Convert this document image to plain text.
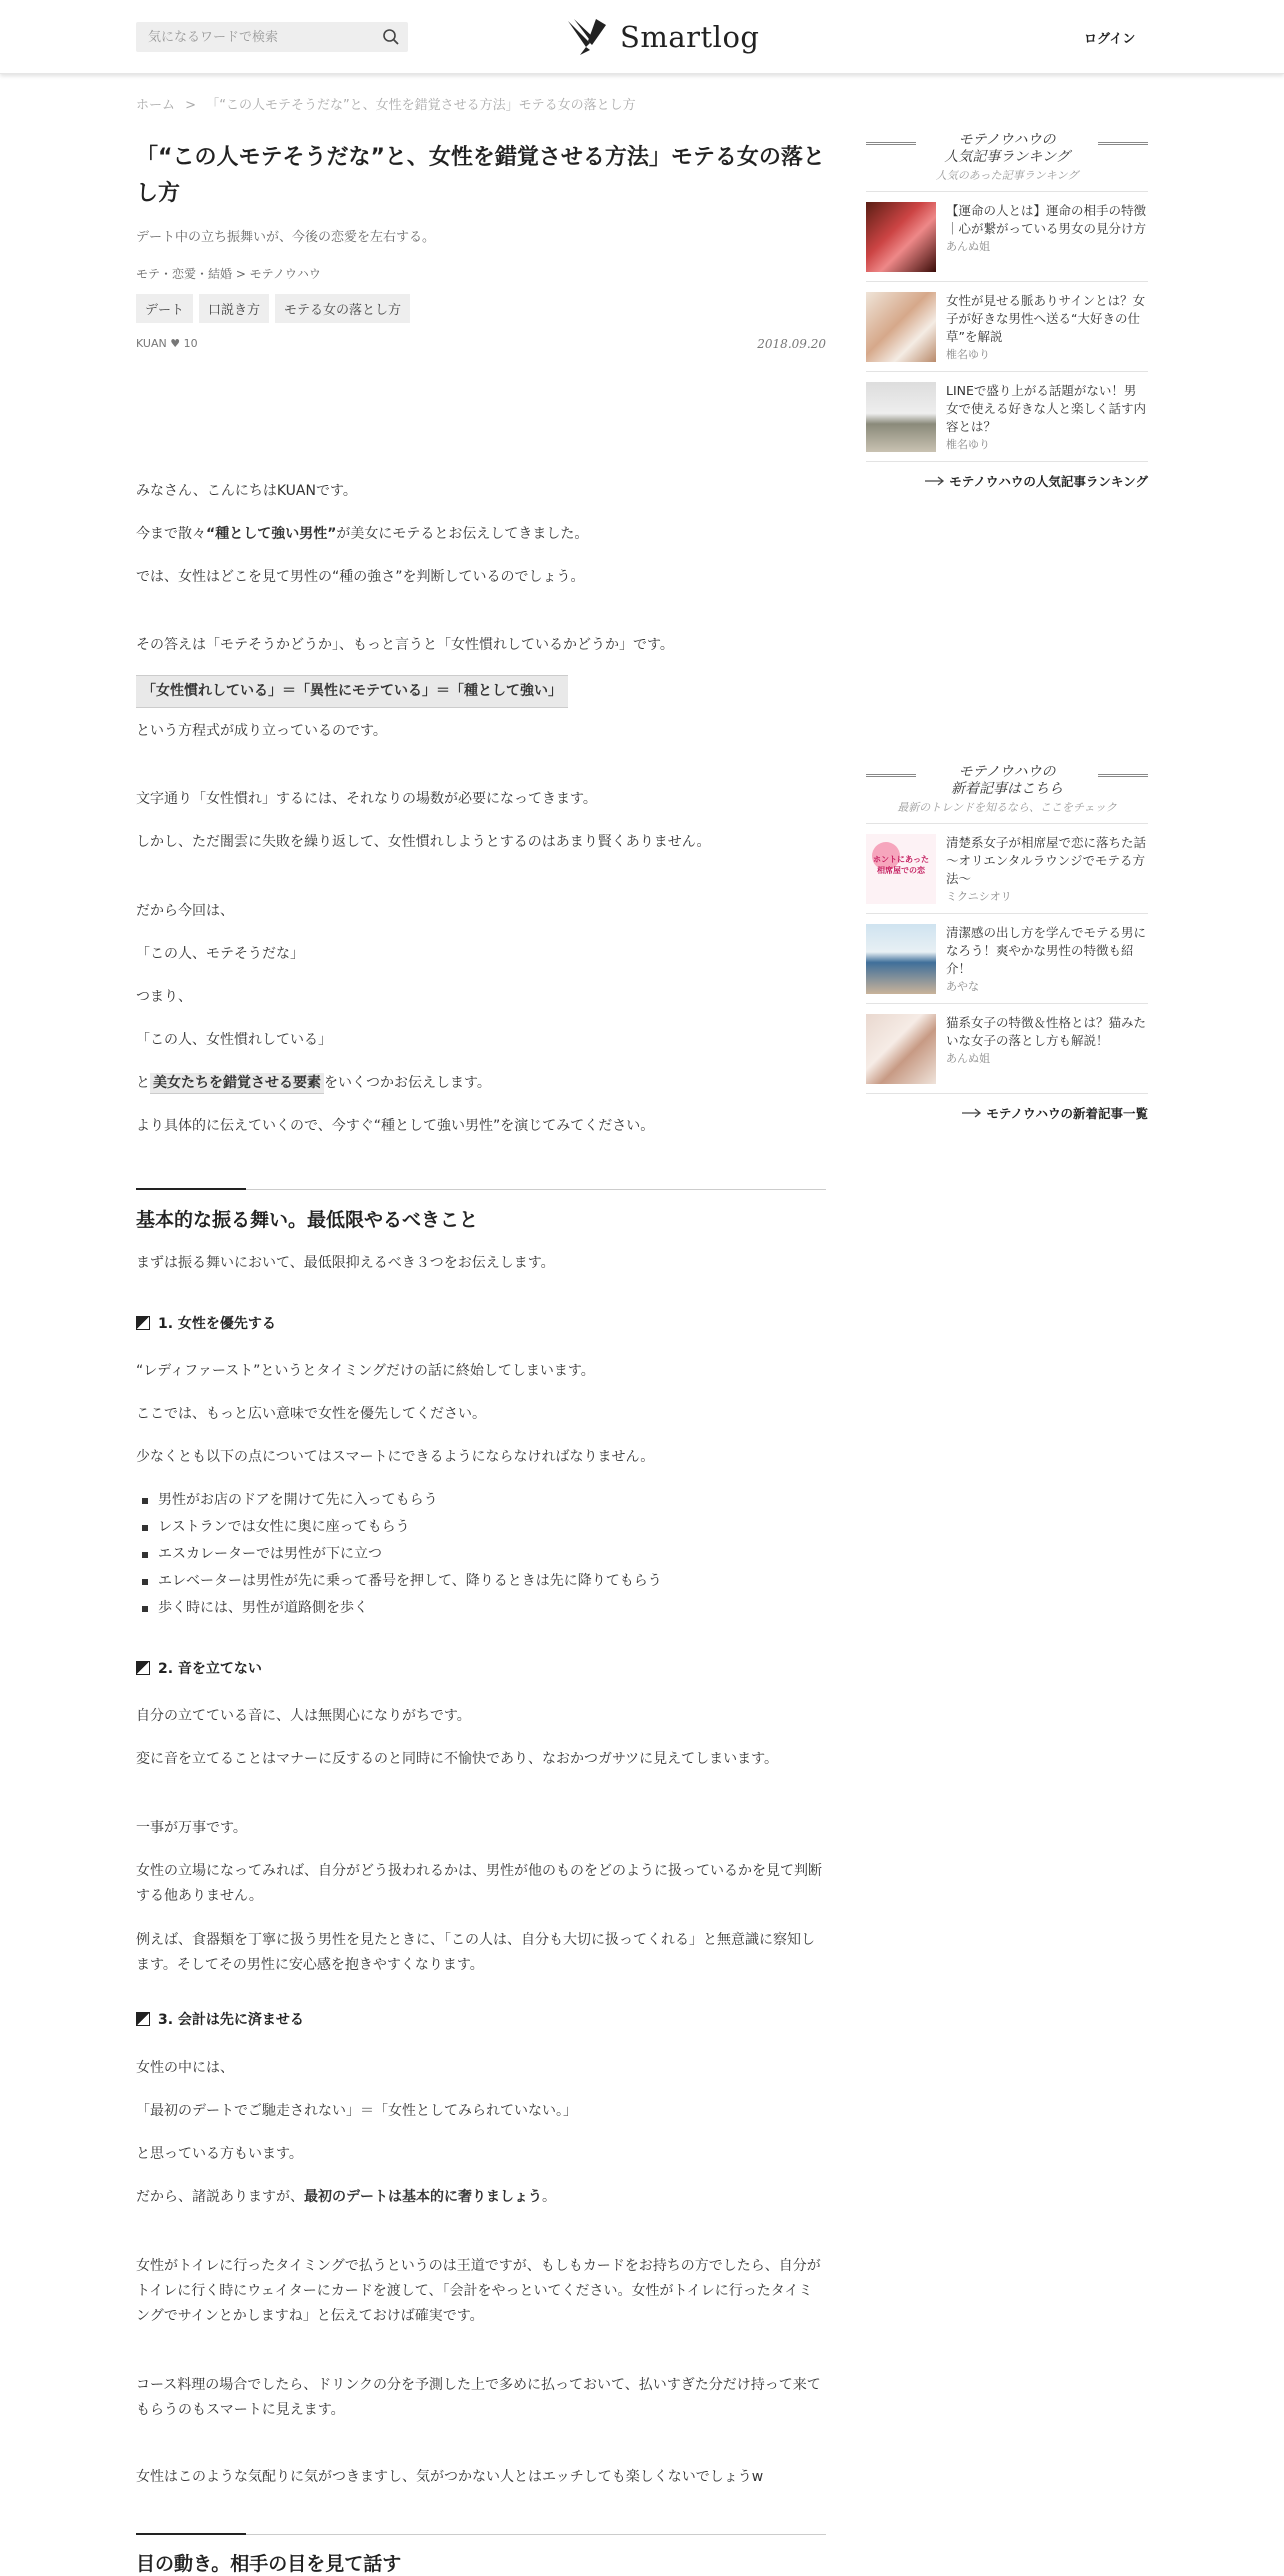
気になるワードで検索
Smartlog	ログイン
ホーム > 「“この人モテそうだな”と、女性を錯覚させる方法」モテる女の落とし方
「“この人モテそうだな”と、女性を錯覚させる方法」モテる女の落とし方
デート中の立ち振舞いが、今後の恋愛を左右する。
モテ・恋愛・結婚 > モテノウハウ
デート	口説き方	モテる女の落とし方
KUAN ♥ 10	2018.09.20

みなさん、こんにちはKUANです。

今まで散々“種として強い男性”が美女にモテるとお伝えしてきました。

では、女性はどこを見て男性の“種の強さ”を判断しているのでしょう。

その答えは「モテそうかどうか」、もっと言うと「女性慣れしているかどうか」です。

「女性慣れしている」＝「異性にモテている」＝「種として強い」

という方程式が成り立っているのです。

文字通り「女性慣れ」するには、それなりの場数が必要になってきます。

しかし、ただ闇雲に失敗を繰り返して、女性慣れしようとするのはあまり賢くありません。

だから今回は、

「この人、モテそうだな」

つまり、

「この人、女性慣れしている」

と 美女たちを錯覚させる要素 をいくつかお伝えします。

より具体的に伝えていくので、今すぐ“種として強い男性”を演じてみてください。

基本的な振る舞い。最低限やるべきこと

まずは振る舞いにおいて、最低限抑えるべき３つをお伝えします。

1. 女性を優先する

“レディファースト”というとタイミングだけの話に終始してしまいます。

ここでは、もっと広い意味で女性を優先してください。

少なくとも以下の点についてはスマートにできるようにならなければなりません。

男性がお店のドアを開けて先に入ってもらう
レストランでは女性に奥に座ってもらう
エスカレーターでは男性が下に立つ
エレベーターは男性が先に乗って番号を押して、降りるときは先に降りてもらう
歩く時には、男性が道路側を歩く
2. 音を立てない

自分の立てている音に、人は無関心になりがちです。

変に音を立てることはマナーに反するのと同時に不愉快であり、なおかつガサツに見えてしまいます。

一事が万事です。

女性の立場になってみれば、自分がどう扱われるかは、男性が他のものをどのように扱っているかを見て判断する他ありません。

例えば、食器類を丁寧に扱う男性を見たときに、「この人は、自分も大切に扱ってくれる」と無意識に察知します。そしてその男性に安心感を抱きやすくなります。

3. 会計は先に済ませる

女性の中には、

「最初のデートでご馳走されない」＝「女性としてみられていない。」

と思っている方もいます。

だから、諸説ありますが、最初のデートは基本的に奢りましょう。

女性がトイレに行ったタイミングで払うというのは王道ですが、もしもカードをお持ちの方でしたら、自分がトイレに行く時にウェイターにカードを渡して、「会計をやっといてください。女性がトイレに行ったタイミングでサインとかしますね」と伝えておけば確実です。

コース料理の場合でしたら、ドリンクの分を予測した上で多めに払っておいて、払いすぎた分だけ持って来てもらうのもスマートに見えます。

女性はこのような気配りに気がつきますし、気がつかない人とはエッチしても楽しくないでしょうw

目の動き。相手の目を見て話す
モテノウハウの
人気記事ランキング
人気のあった記事ランキング
【運命の人とは】運命の相手の特徴｜心が繋がっている男女の見分け方
あんぬ姐
女性が見せる脈ありサインとは？女子が好きな男性へ送る“大好きの仕草”を解説
椎名ゆり
LINEで盛り上がる話題がない！男女で使える好きな人と楽しく話す内容とは？
椎名ゆり
モテノウハウの人気記事ランキング
モテノウハウの
新着記事はこちら
最新のトレンドを知るなら、ここをチェック
ホントにあった
相席屋での恋
清楚系女子が相席屋で恋に落ちた話 〜オリエンタルラウンジでモテる方法〜
ミクニシオリ
清潔感の出し方を学んでモテる男になろう！爽やかな男性の特徴も紹介！
あやな
猫系女子の特徴＆性格とは？猫みたいな女子の落とし方も解説！
あんぬ姐
モテノウハウの新着記事一覧
